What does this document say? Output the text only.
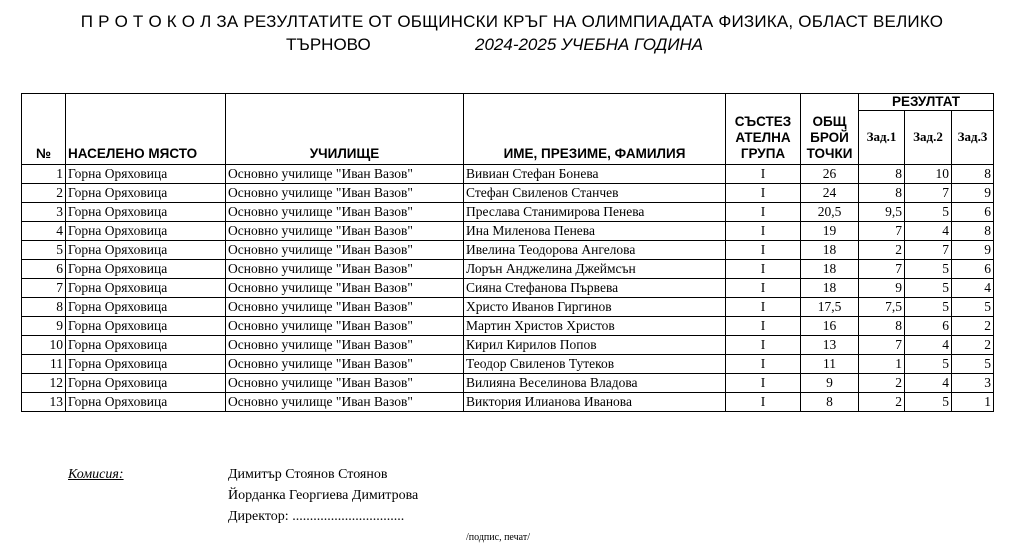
П Р О Т О К О Л ЗА РЕЗУЛТАТИТЕ ОТ ОБЩИНСКИ КРЪГ НА ОЛИМПИАДАТА ФИЗИКА, ОБЛАСТ ВЕЛИКО
ТЪРНОВО	2024-2025 УЧЕБНА ГОДИНА
№	НАСЕЛЕНО МЯСТО	УЧИЛИЩЕ	ИМЕ, ПРЕЗИМЕ, ФАМИЛИЯ	СЪСТЕЗ АТЕЛНА ГРУПА	ОБЩ БРОЙ ТОЧКИ	РЕЗУЛТАТ		
						Зад.1	Зад.2	Зад.3
1	Горна Оряховица	Основно училище "Иван Вазов"	Вивиан Стефан Бонева	I	26	8	10	8
2	Горна Оряховица	Основно училище "Иван Вазов"	Стефан Свиленов Станчев	I	24	8	7	9
3	Горна Оряховица	Основно училище "Иван Вазов"	Преслава Станимирова Пенева	I	20,5	9,5	5	6
4	Горна Оряховица	Основно училище "Иван Вазов"	Ина Миленова Пенева	I	19	7	4	8
5	Горна Оряховица	Основно училище "Иван Вазов"	Ивелина Теодорова Ангелова	I	18	2	7	9
6	Горна Оряховица	Основно училище "Иван Вазов"	Лорън Анджелина Джеймсън	I	18	7	5	6
7	Горна Оряховица	Основно училище "Иван Вазов"	Сияна Стефанова Първева	I	18	9	5	4
8	Горна Оряховица	Основно училище "Иван Вазов"	Христо Иванов Гиргинов	I	17,5	7,5	5	5
9	Горна Оряховица	Основно училище "Иван Вазов"	Мартин Христов Христов	I	16	8	6	2
10	Горна Оряховица	Основно училище "Иван Вазов"	Кирил Кирилов Попов	I	13	7	4	2
11	Горна Оряховица	Основно училище "Иван Вазов"	Теодор Свиленов Тутеков	I	11	1	5	5
12	Горна Оряховица	Основно училище "Иван Вазов"	Вилияна Веселинова Владова	I	9	2	4	3
13	Горна Оряховица	Основно училище "Иван Вазов"	Виктория Илианова Иванова	I	8	2	5	1
Комисия:	Димитър Стоянов Стоянов
Йорданка Георгиева Димитрова
Директор: ................................
/подпис, печат/
